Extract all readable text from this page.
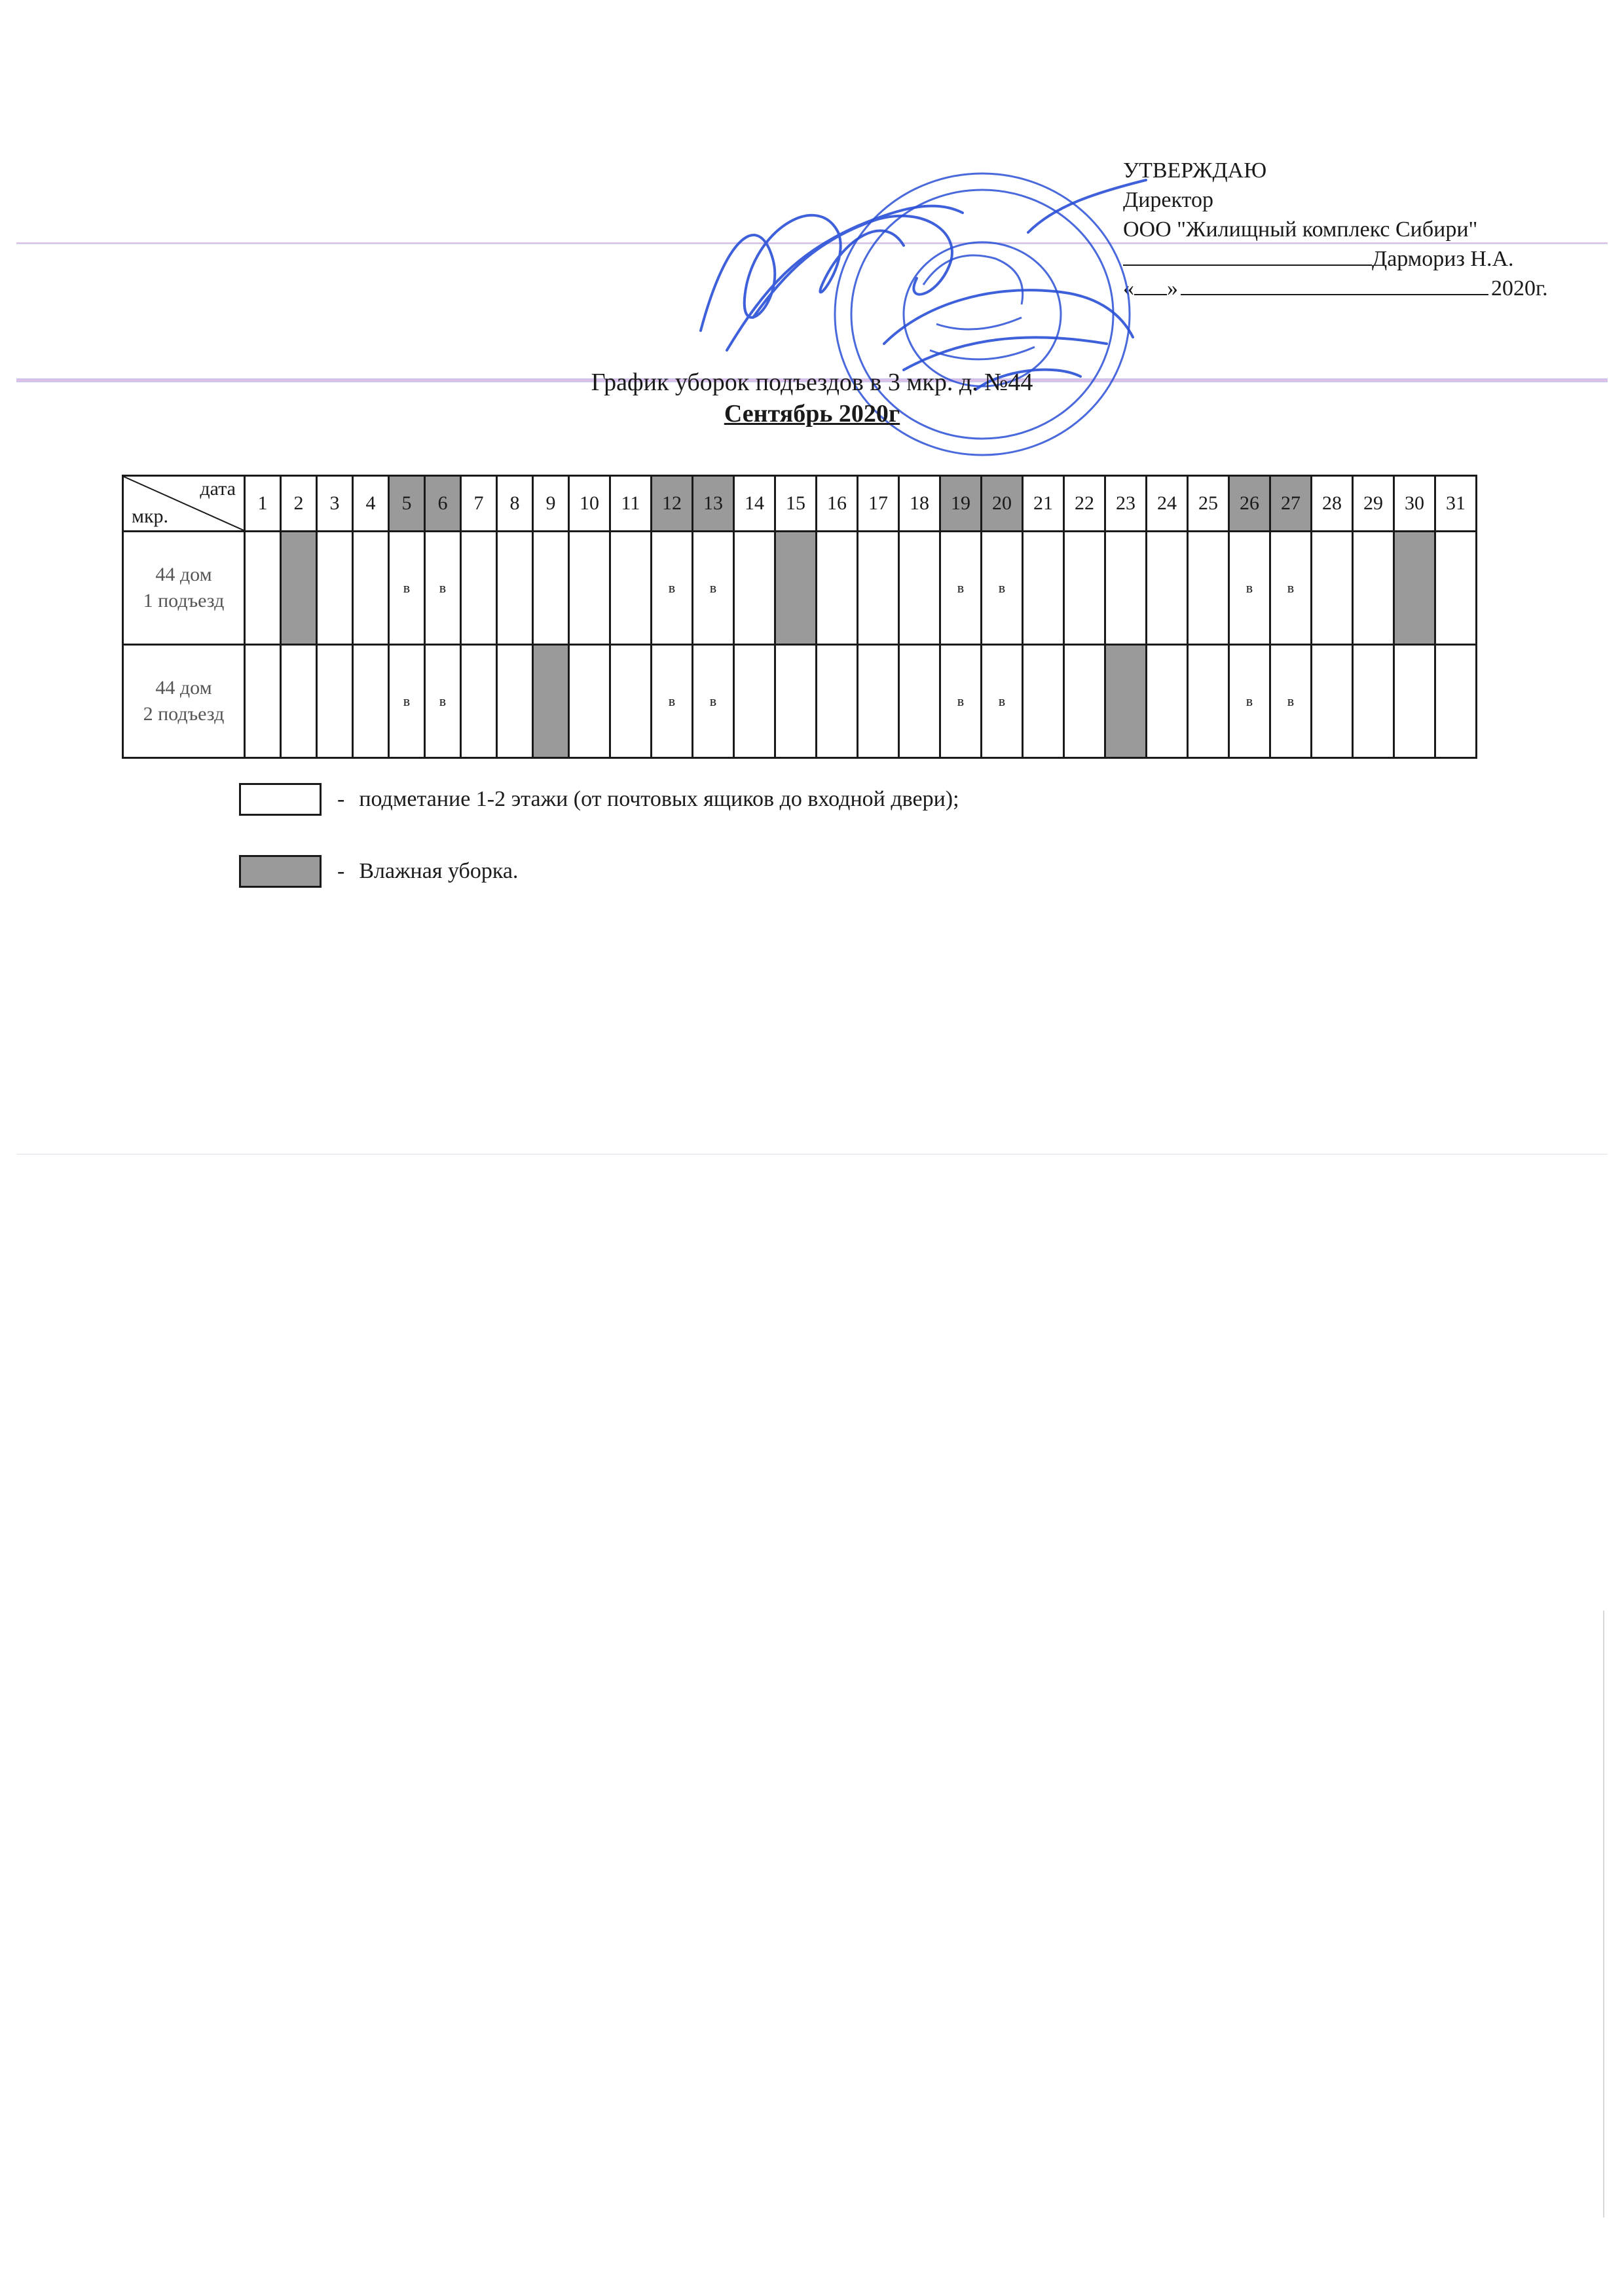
УТВЕРЖДАЮ
Директор
ООО "Жилищный комплекс Сибири"
Дармориз Н.А.
« »	2020г.
График уборок подъездов в 3 мкр. д. №44
Сентябрь 2020г
дата
мкр.	1	2	3	4	5	6	7	8	9	10	11	12	13	14	15	16	17	18	19	20	21	22	23	24	25	26	27	28	29	30	31
44 дом
1 подъезд					в	в						в	в						в	в						в	в				
44 дом
2 подъезд					в	в						в	в						в	в						в	в				
- подметание 1-2 этажи (от почтовых ящиков до входной двери);
- Влажная уборка.
